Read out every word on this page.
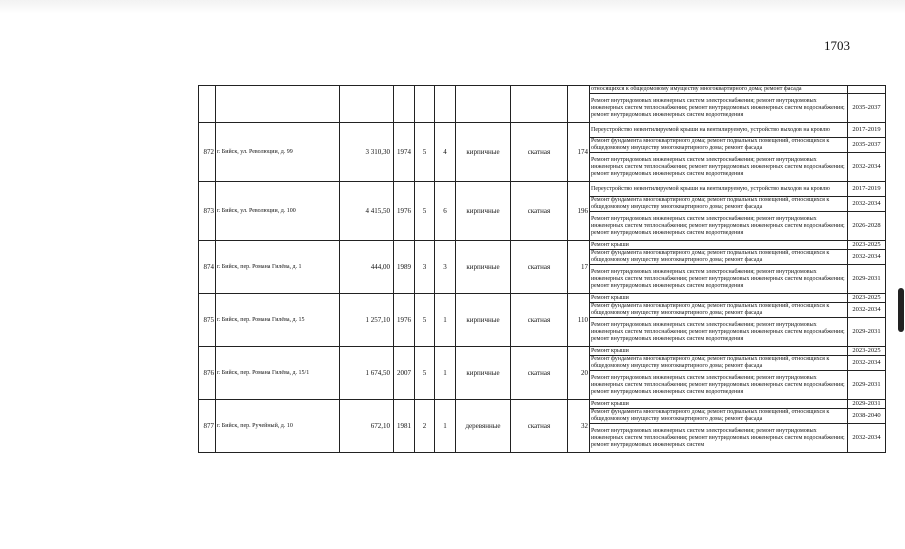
1703
									относящихся к общедомовому имуществу многоквартирного дома; ремонт фасада	
									Ремонт внутридомовых инженерных систем электроснабжения; ремонт внутридомовых инженерных систем теплоснабжения; ремонт внутридомовых инженерных систем водоснабжения; ремонт внутридомовых инженерных систем водоотведения	2035-2037
872	г. Бийск, ул. Революции, д. 99	3 310,30	1974	5	4	кирпичные	скатная	174	Переустройство невентилируемой крыши на вентилируемую, устройство выходов на кровлю	2017-2019
									Ремонт фундамента многоквартирного дома; ремонт подвальных помещений, относящихся к общедомовому имуществу многоквартирного дома; ремонт фасада	2035-2037
									Ремонт внутридомовых инженерных систем электроснабжения; ремонт внутридомовых инженерных систем теплоснабжения; ремонт внутридомовых инженерных систем водоснабжения; ремонт внутридомовых инженерных систем водоотведения	2032-2034
873	г. Бийск, ул. Революции, д. 100	4 415,50	1976	5	6	кирпичные	скатная	196	Переустройство невентилируемой крыши на вентилируемую, устройство выходов на кровлю	2017-2019
									Ремонт фундамента многоквартирного дома; ремонт подвальных помещений, относящихся к общедомовому имуществу многоквартирного дома; ремонт фасада	2032-2034
									Ремонт внутридомовых инженерных систем электроснабжения; ремонт внутридомовых инженерных систем теплоснабжения; ремонт внутридомовых инженерных систем водоснабжения; ремонт внутридомовых инженерных систем водоотведения	2026-2028
874	г. Бийск, пер. Романа Гилёва, д. 1	444,00	1989	3	3	кирпичные	скатная	17	Ремонт крыши	2023-2025
									Ремонт фундамента многоквартирного дома; ремонт подвальных помещений, относящихся к общедомовому имуществу многоквартирного дома; ремонт фасада	2032-2034
									Ремонт внутридомовых инженерных систем электроснабжения; ремонт внутридомовых инженерных систем теплоснабжения; ремонт внутридомовых инженерных систем водоснабжения; ремонт внутридомовых инженерных систем водоотведения	2029-2031
875	г. Бийск, пер. Романа Гилёва, д. 15	1 257,10	1976	5	1	кирпичные	скатная	110	Ремонт крыши	2023-2025
									Ремонт фундамента многоквартирного дома; ремонт подвальных помещений, относящихся к общедомовому имуществу многоквартирного дома; ремонт фасада	2032-2034
									Ремонт внутридомовых инженерных систем электроснабжения; ремонт внутридомовых инженерных систем теплоснабжения; ремонт внутридомовых инженерных систем водоснабжения; ремонт внутридомовых инженерных систем водоотведения	2029-2031
876	г. Бийск, пер. Романа Гилёва, д. 15/1	1 674,50	2007	5	1	кирпичные	скатная	20	Ремонт крыши	2023-2025
									Ремонт фундамента многоквартирного дома; ремонт подвальных помещений, относящихся к общедомовому имуществу многоквартирного дома; ремонт фасада	2032-2034
									Ремонт внутридомовых инженерных систем электроснабжения; ремонт внутридомовых инженерных систем теплоснабжения; ремонт внутридомовых инженерных систем водоснабжения; ремонт внутридомовых инженерных систем водоотведения	2029-2031
877	г. Бийск, пер. Ручейный, д. 10	672,10	1981	2	1	деревянные	скатная	32	Ремонт крыши	2029-2031
									Ремонт фундамента многоквартирного дома; ремонт подвальных помещений, относящихся к общедомовому имуществу многоквартирного дома; ремонт фасада	2038-2040
									Ремонт внутридомовых инженерных систем электроснабжения; ремонт внутридомовых инженерных систем теплоснабжения; ремонт внутридомовых инженерных систем водоснабжения; ремонт внутридомовых инженерных систем	2032-2034
